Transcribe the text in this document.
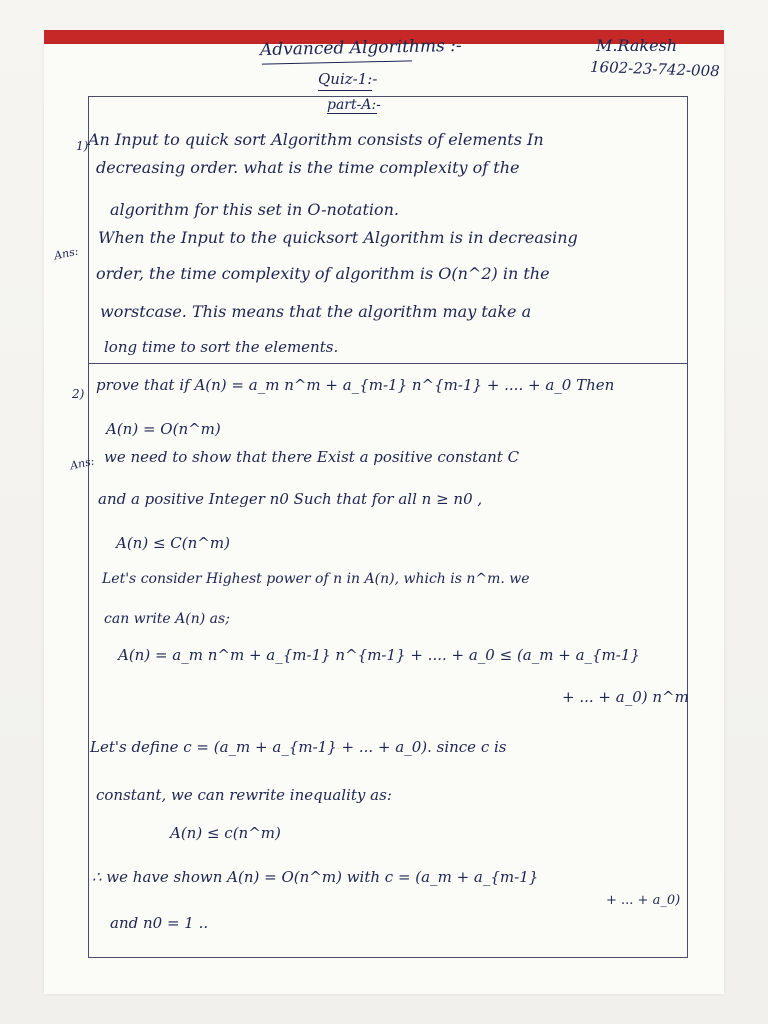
Advanced Algorithms :-	M.Rakesh
1602-23-742-008
Quiz-1:-
part-A:-
1) An Input to quick sort Algorithm consists of elements In
decreasing order. what is the time complexity of the
algorithm for this set in O-notation.
Ans:
When the Input to the quicksort Algorithm is in decreasing
order, the time complexity of algorithm is O(n^2) in the
worstcase. This means that the algorithm may take a
long time to sort the elements.
2) prove that if A(n) = a_m n^m + a_{m-1} n^{m-1} + .... + a_0 Then
A(n) = O(n^m)
Ans: we need to show that there Exist a positive constant C
and a positive Integer n0 Such that for all n ≥ n0 ,
A(n) ≤ C(n^m)
Let's consider Highest power of n in A(n), which is n^m. we
can write A(n) as;
A(n) = a_m n^m + a_{m-1} n^{m-1} + .... + a_0 ≤ (a_m + a_{m-1}
+ ... + a_0) n^m
Let's define c = (a_m + a_{m-1} + ... + a_0). since c is
constant, we can rewrite inequality as:
A(n) ≤ c(n^m)
∴ we have shown A(n) = O(n^m) with c = (a_m + a_{m-1}
+ ... + a_0)
and n0 = 1 ..
